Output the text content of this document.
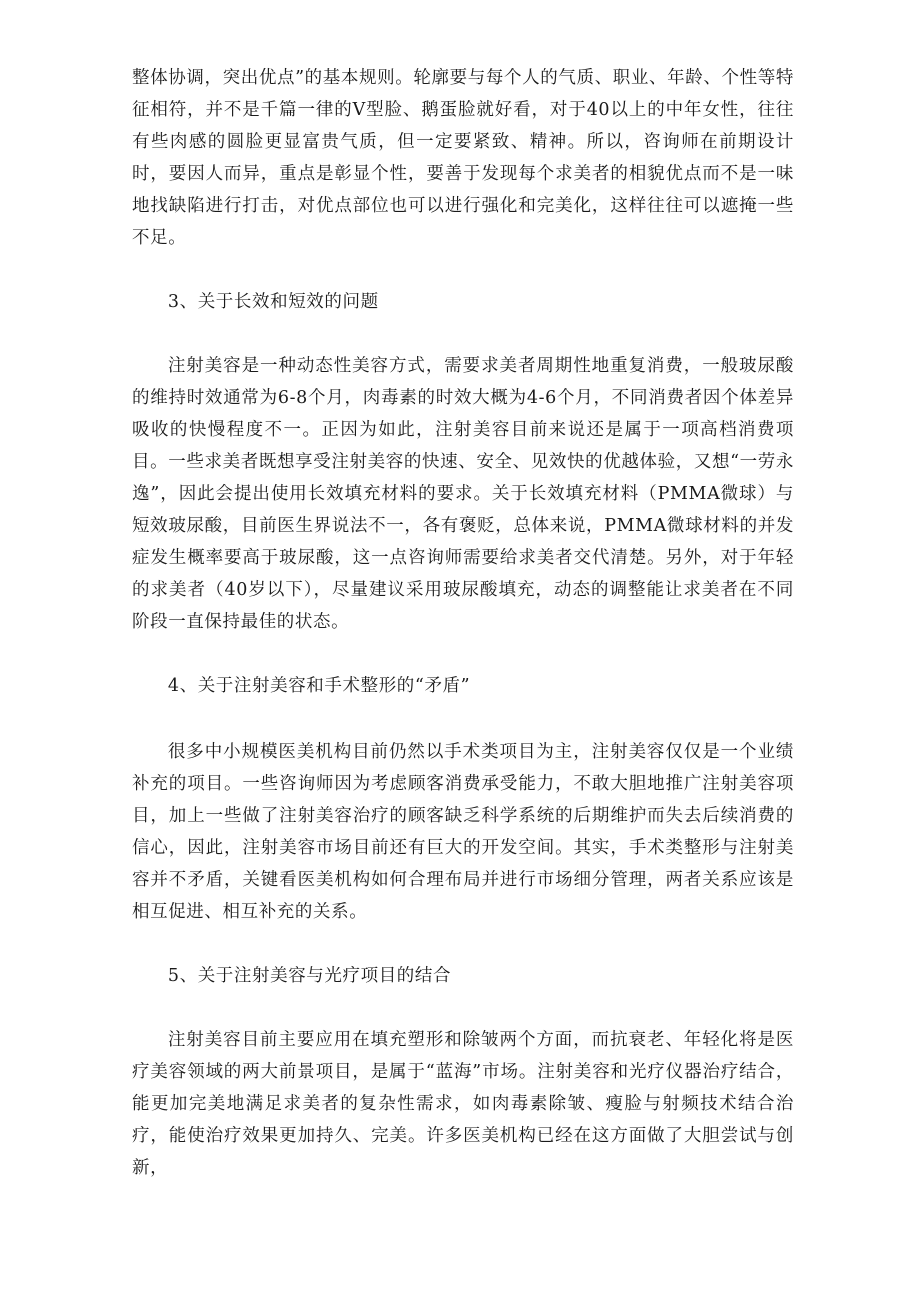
整体协调，突出优点”的基本规则。轮廓要与每个人的气质、职业、年龄、个性等特征相符，并不是千篇一律的V型脸、鹅蛋脸就好看，对于40以上的中年女性，往往有些肉感的圆脸更显富贵气质，但一定要紧致、精神。所以，咨询师在前期设计时，要因人而异，重点是彰显个性，要善于发现每个求美者的相貌优点而不是一味地找缺陷进行打击，对优点部位也可以进行强化和完美化，这样往往可以遮掩一些不足。

3、关于长效和短效的问题

注射美容是一种动态性美容方式，需要求美者周期性地重复消费，一般玻尿酸的维持时效通常为6-8个月，肉毒素的时效大概为4-6个月，不同消费者因个体差异吸收的快慢程度不一。正因为如此，注射美容目前来说还是属于一项高档消费项目。一些求美者既想享受注射美容的快速、安全、见效快的优越体验，又想“一劳永逸”，因此会提出使用长效填充材料的要求。关于长效填充材料（PMMA微球）与短效玻尿酸，目前医生界说法不一，各有褒贬，总体来说，PMMA微球材料的并发症发生概率要高于玻尿酸，这一点咨询师需要给求美者交代清楚。另外，对于年轻的求美者（40岁以下），尽量建议采用玻尿酸填充，动态的调整能让求美者在不同阶段一直保持最佳的状态。

4、关于注射美容和手术整形的“矛盾”

很多中小规模医美机构目前仍然以手术类项目为主，注射美容仅仅是一个业绩补充的项目。一些咨询师因为考虑顾客消费承受能力，不敢大胆地推广注射美容项目，加上一些做了注射美容治疗的顾客缺乏科学系统的后期维护而失去后续消费的信心，因此，注射美容市场目前还有巨大的开发空间。其实，手术类整形与注射美容并不矛盾，关键看医美机构如何合理布局并进行市场细分管理，两者关系应该是相互促进、相互补充的关系。

5、关于注射美容与光疗项目的结合

注射美容目前主要应用在填充塑形和除皱两个方面，而抗衰老、年轻化将是医疗美容领域的两大前景项目，是属于“蓝海”市场。注射美容和光疗仪器治疗结合，能更加完美地满足求美者的复杂性需求，如肉毒素除皱、瘦脸与射频技术结合治疗，能使治疗效果更加持久、完美。许多医美机构已经在这方面做了大胆尝试与创新，
